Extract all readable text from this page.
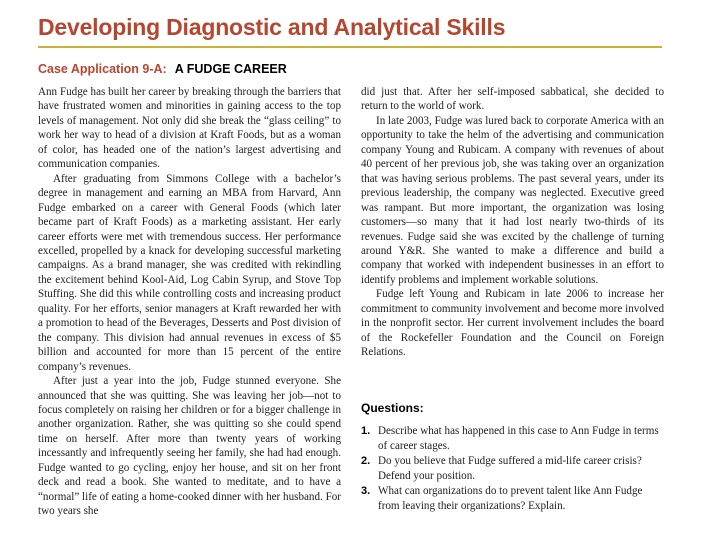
Developing Diagnostic and Analytical Skills
Case Application 9-A: A FUDGE CAREER

Ann Fudge has built her career by breaking through the barriers that have frustrated women and minorities in gaining access to the top levels of management. Not only did she break the “glass ceiling” to work her way to head of a division at Kraft Foods, but as a woman of color, has headed one of the nation’s largest advertising and communication companies.

After graduating from Simmons College with a bachelor’s degree in management and earning an MBA from Harvard, Ann Fudge embarked on a career with General Foods (which later became part of Kraft Foods) as a marketing assistant. Her early career efforts were met with tremendous success. Her performance excelled, propelled by a knack for developing successful marketing campaigns. As a brand manager, she was credited with rekindling the excitement behind Kool-Aid, Log Cabin Syrup, and Stove Top Stuffing. She did this while controlling costs and increasing product quality. For her efforts, senior managers at Kraft rewarded her with a promotion to head of the Beverages, Desserts and Post division of the company. This division had annual revenues in excess of $5 billion and accounted for more than 15 percent of the entire company’s revenues.

After just a year into the job, Fudge stunned everyone. She announced that she was quitting. She was leaving her job—not to focus completely on raising her children or for a bigger challenge in another organization. Rather, she was quitting so she could spend time on herself. After more than twenty years of working incessantly and infrequently seeing her family, she had had enough. Fudge wanted to go cycling, enjoy her house, and sit on her front deck and read a book. She wanted to meditate, and to have a “normal” life of eating a home-cooked dinner with her husband. For two years she

did just that. After her self-imposed sabbatical, she decided to return to the world of work.

In late 2003, Fudge was lured back to corporate America with an opportunity to take the helm of the advertising and communication company Young and Rubicam. A company with revenues of about 40 percent of her previous job, she was taking over an organization that was having serious problems. The past several years, under its previous leadership, the company was neglected. Executive greed was rampant. But more important, the organization was losing customers—so many that it had lost nearly two-thirds of its revenues. Fudge said she was excited by the challenge of turning around Y&R. She wanted to make a difference and build a company that worked with independent businesses in an effort to identify problems and implement workable solutions.

Fudge left Young and Rubicam in late 2006 to increase her commitment to community involvement and become more involved in the nonprofit sector. Her current involvement includes the board of the Rockefeller Foundation and the Council on Foreign Relations.

Questions:
1. Describe what has happened in this case to Ann Fudge in terms of career stages.
2. Do you believe that Fudge suffered a mid-life career crisis? Defend your position.
3. What can organizations do to prevent talent like Ann Fudge from leaving their organizations? Explain.
